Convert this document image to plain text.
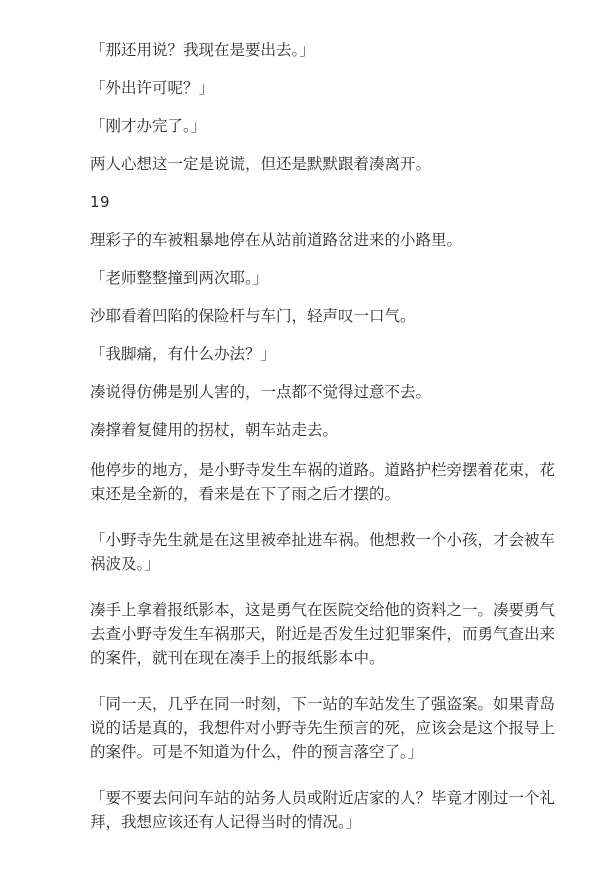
「那还用说？我现在是要出去。」

「外出许可呢？」

「刚才办完了。」

两人心想这一定是说谎，但还是默默跟着凑离开。

19

理彩子的车被粗暴地停在从站前道路岔进来的小路里。

「老师整整撞到两次耶。」

沙耶看着凹陷的保险杆与车门，轻声叹一口气。

「我脚痛，有什么办法？」

凑说得仿佛是别人害的，一点都不觉得过意不去。

凑撑着复健用的拐杖，朝车站走去。

他停步的地方，是小野寺发生车祸的道路。道路护栏旁摆着花束，花束还是全新的，看来是在下了雨之后才摆的。

「小野寺先生就是在这里被牵扯进车祸。他想救一个小孩，才会被车祸波及。」

凑手上拿着报纸影本，这是勇气在医院交给他的资料之一。凑要勇气去查小野寺发生车祸那天，附近是否发生过犯罪案件，而勇气查出来的案件，就刊在现在凑手上的报纸影本中。

「同一天，几乎在同一时刻，下一站的车站发生了强盗案。如果青岛说的话是真的，我想件对小野寺先生预言的死，应该会是这个报导上的案件。可是不知道为什么，件的预言落空了。」

「要不要去问问车站的站务人员或附近店家的人？毕竟才刚过一个礼拜，我想应该还有人记得当时的情况。」
